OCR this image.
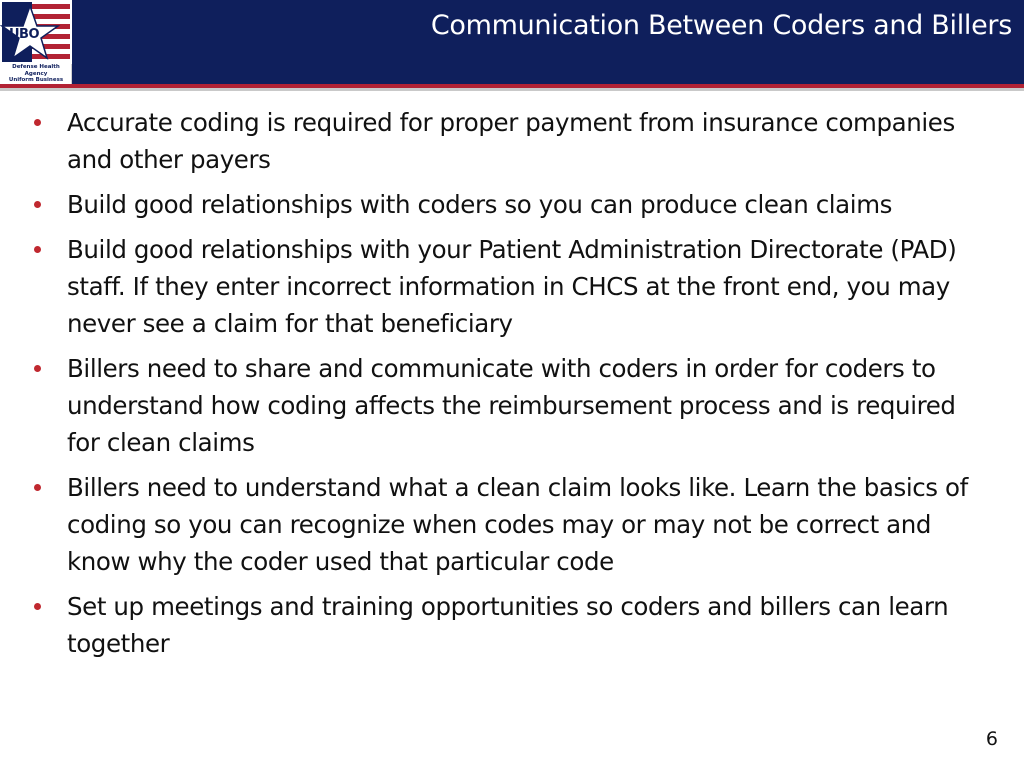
UBO
Defense Health Agency
Uniform Business
Communication Between Coders and Billers
Accurate coding is required for proper payment from insurance companies and other payers
Build good relationships with coders so you can produce clean claims
Build good relationships with your Patient Administration Directorate (PAD) staff. If they enter incorrect information in CHCS at the front end, you may never see a claim for that beneficiary
Billers need to share and communicate with coders in order for coders to understand how coding affects the reimbursement process and is required for clean claims
Billers need to understand what a clean claim looks like. Learn the basics of coding so you can recognize when codes may or may not be correct and know why the coder used that particular code
Set up meetings and training opportunities so coders and billers can learn together
6
